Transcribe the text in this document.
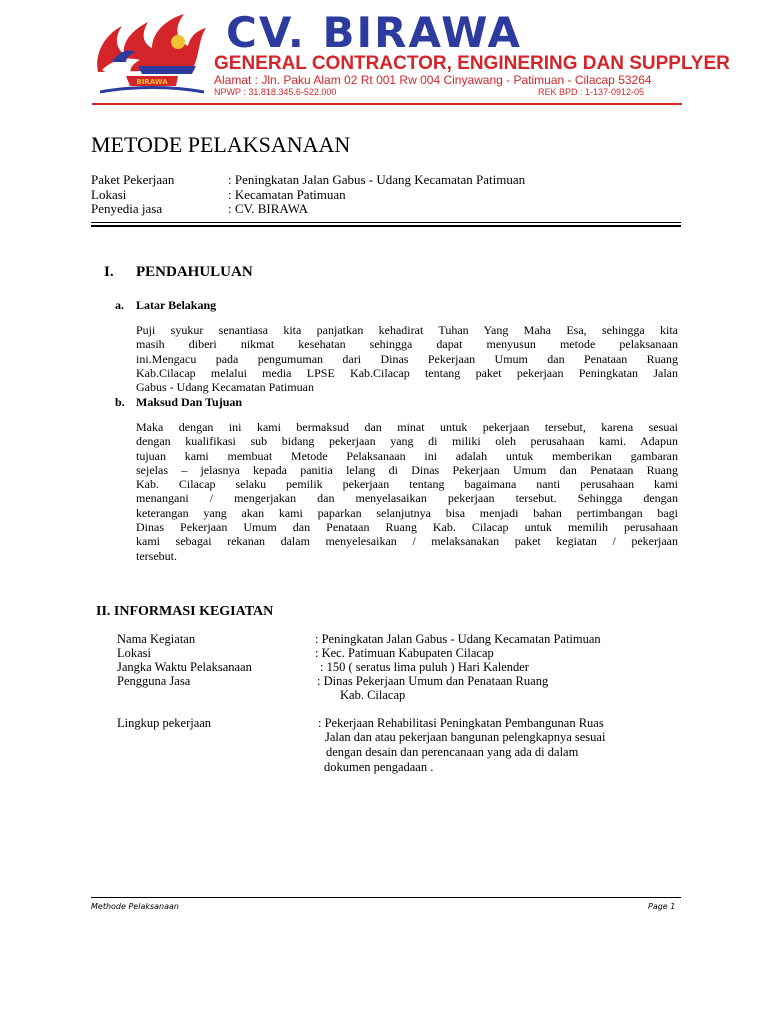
BIRAWA
CV. BIRAWA
GENERAL CONTRACTOR, ENGINERING DAN SUPPLYER
Alamat : Jln. Paku Alam 02 Rt 001 Rw 004 Cinyawang - Patimuan - Cilacap 53264
NPWP : 31.818.345.6-522.000	REK BPD : 1-137-0912-05
METODE PELAKSANAAN
Paket Pekerjaan	: Peningkatan Jalan Gabus - Udang Kecamatan Patimuan
Lokasi	: Kecamatan Patimuan
Penyedia jasa	: CV. BIRAWA
I. PENDAHULUAN
a. Latar Belakang
Puji syukur senantiasa kita panjatkan kehadirat Tuhan Yang Maha Esa, sehingga kita
masih diberi nikmat kesehatan sehingga dapat menyusun metode pelaksanaan
ini.Mengacu pada pengumuman dari Dinas Pekerjaan Umum dan Penataan Ruang
Kab.Cilacap melalui media LPSE Kab.Cilacap tentang paket pekerjaan Peningkatan Jalan
Gabus - Udang Kecamatan Patimuan
b. Maksud Dan Tujuan
Maka dengan ini kami bermaksud dan minat untuk pekerjaan tersebut, karena sesuai
dengan kualifikasi sub bidang pekerjaan yang di miliki oleh perusahaan kami. Adapun
tujuan kami membuat Metode Pelaksanaan ini adalah untuk memberikan gambaran
sejelas – jelasnya kepada panitia lelang di Dinas Pekerjaan Umum dan Penataan Ruang
Kab. Cilacap selaku pemilik pekerjaan tentang bagaimana nanti perusahaan kami
menangani / mengerjakan dan menyelasaikan pekerjaan tersebut. Sehingga dengan
keterangan yang akan kami paparkan selanjutnya bisa menjadi bahan pertimbangan bagi
Dinas Pekerjaan Umum dan Penataan Ruang Kab. Cilacap untuk memilih perusahaan
kami sebagai rekanan dalam menyelesaikan / melaksanakan paket kegiatan / pekerjaan
tersebut.
II. INFORMASI KEGIATAN
Nama Kegiatan	: Peningkatan Jalan Gabus - Udang Kecamatan Patimuan
Lokasi	: Kec. Patimuan Kabupaten Cilacap
Jangka Waktu Pelaksanaan	: 150 ( seratus lima puluh ) Hari Kalender
Pengguna Jasa	: Dinas Pekerjaan Umum dan Penataan Ruang
Kab. Cilacap
Lingkup pekerjaan	: Pekerjaan Rehabilitasi Peningkatan Pembangunan Ruas
Jalan dan atau pekerjaan bangunan pelengkapnya sesuai
dengan desain dan perencanaan yang ada di dalam
dokumen pengadaan .
Methode Pelaksanaan	Page 1
